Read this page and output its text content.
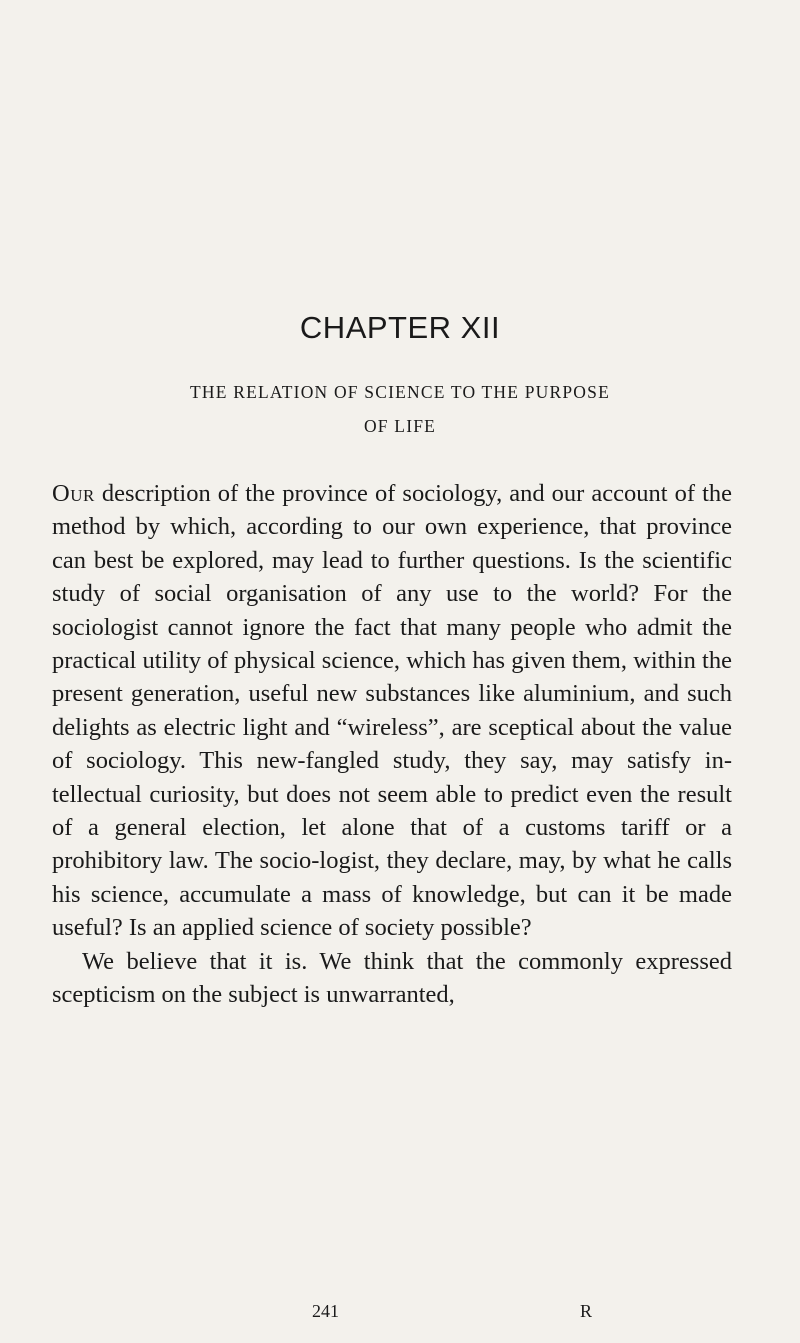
CHAPTER XII
THE RELATION OF SCIENCE TO THE PURPOSE
OF LIFE

Our description of the province of sociology, and our account of the method by which, according to our own experience, that province can best be explored, may lead to further questions. Is the scientific study of social organisation of any use to the world? For the sociologist cannot ignore the fact that many people who admit the practical utility of physical science, which has given them, within the present generation, useful new substances like aluminium, and such delights as electric light and “wireless”, are sceptical about the value of sociology. This new-fangled study, they say, may satisfy in-tellectual curiosity, but does not seem able to predict even the result of a general election, let alone that of a customs tariff or a prohibitory law. The socio-logist, they declare, may, by what he calls his science, accumulate a mass of knowledge, but can it be made useful? Is an applied science of society possible?

We believe that it is. We think that the commonly expressed scepticism on the subject is unwarranted,

241	R
